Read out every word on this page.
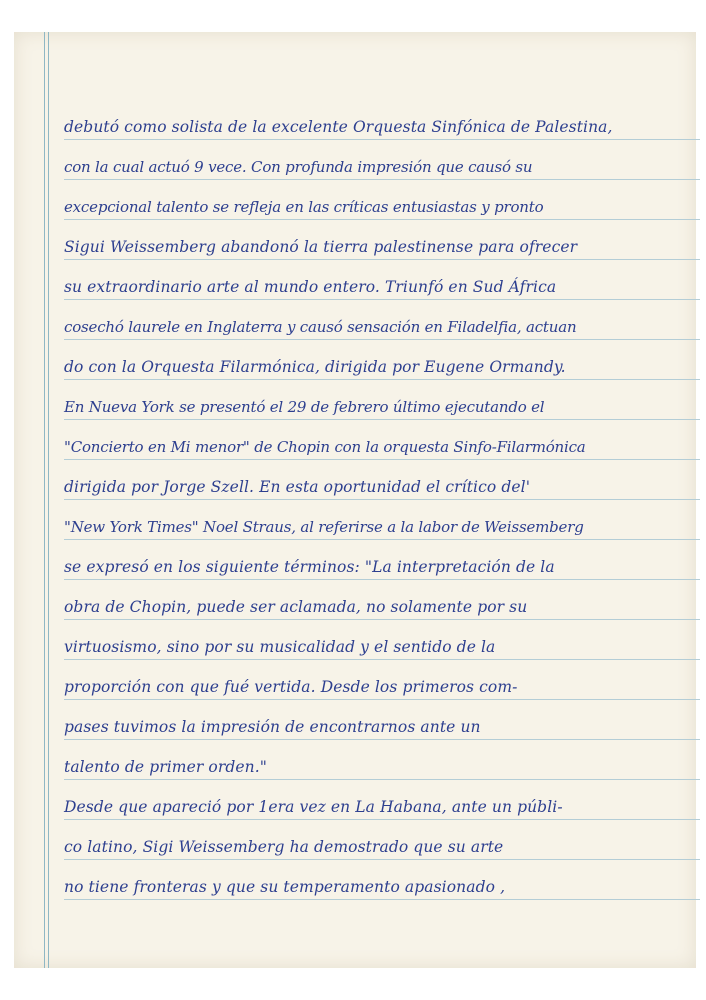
debutó como solista de la excelente Orquesta Sinfónica de Palestina,
con la cual actuó 9 vece. Con profunda impresión que causó su
excepcional talento se refleja en las críticas entusiastas y pronto
Sigui Weissemberg abandonó la tierra palestinense para ofrecer
su extraordinario arte al mundo entero. Triunfó en Sud África
cosechó laurele en Inglaterra y causó sensación en Filadelfia, actuan
do con la Orquesta Filarmónica, dirigida por Eugene Ormandy.
En Nueva York se presentó el 29 de febrero último ejecutando el
"Concierto en Mi menor" de Chopin con la orquesta Sinfo-Filarmónica
dirigida por Jorge Szell. En esta oportunidad el crítico del'
"New York Times" Noel Straus, al referirse a la labor de Weissemberg
se expresó en los siguiente términos: "La interpretación de la
obra de Chopin, puede ser aclamada, no solamente por su
virtuosismo, sino por su musicalidad y el sentido de la
proporción con que fué vertida. Desde los primeros com-
pases tuvimos la impresión de encontrarnos ante un
talento de primer orden."
Desde que apareció por 1era vez en La Habana, ante un públi-
co latino, Sigi Weissemberg ha demostrado que su arte
no tiene fronteras y que su temperamento apasionado ,
